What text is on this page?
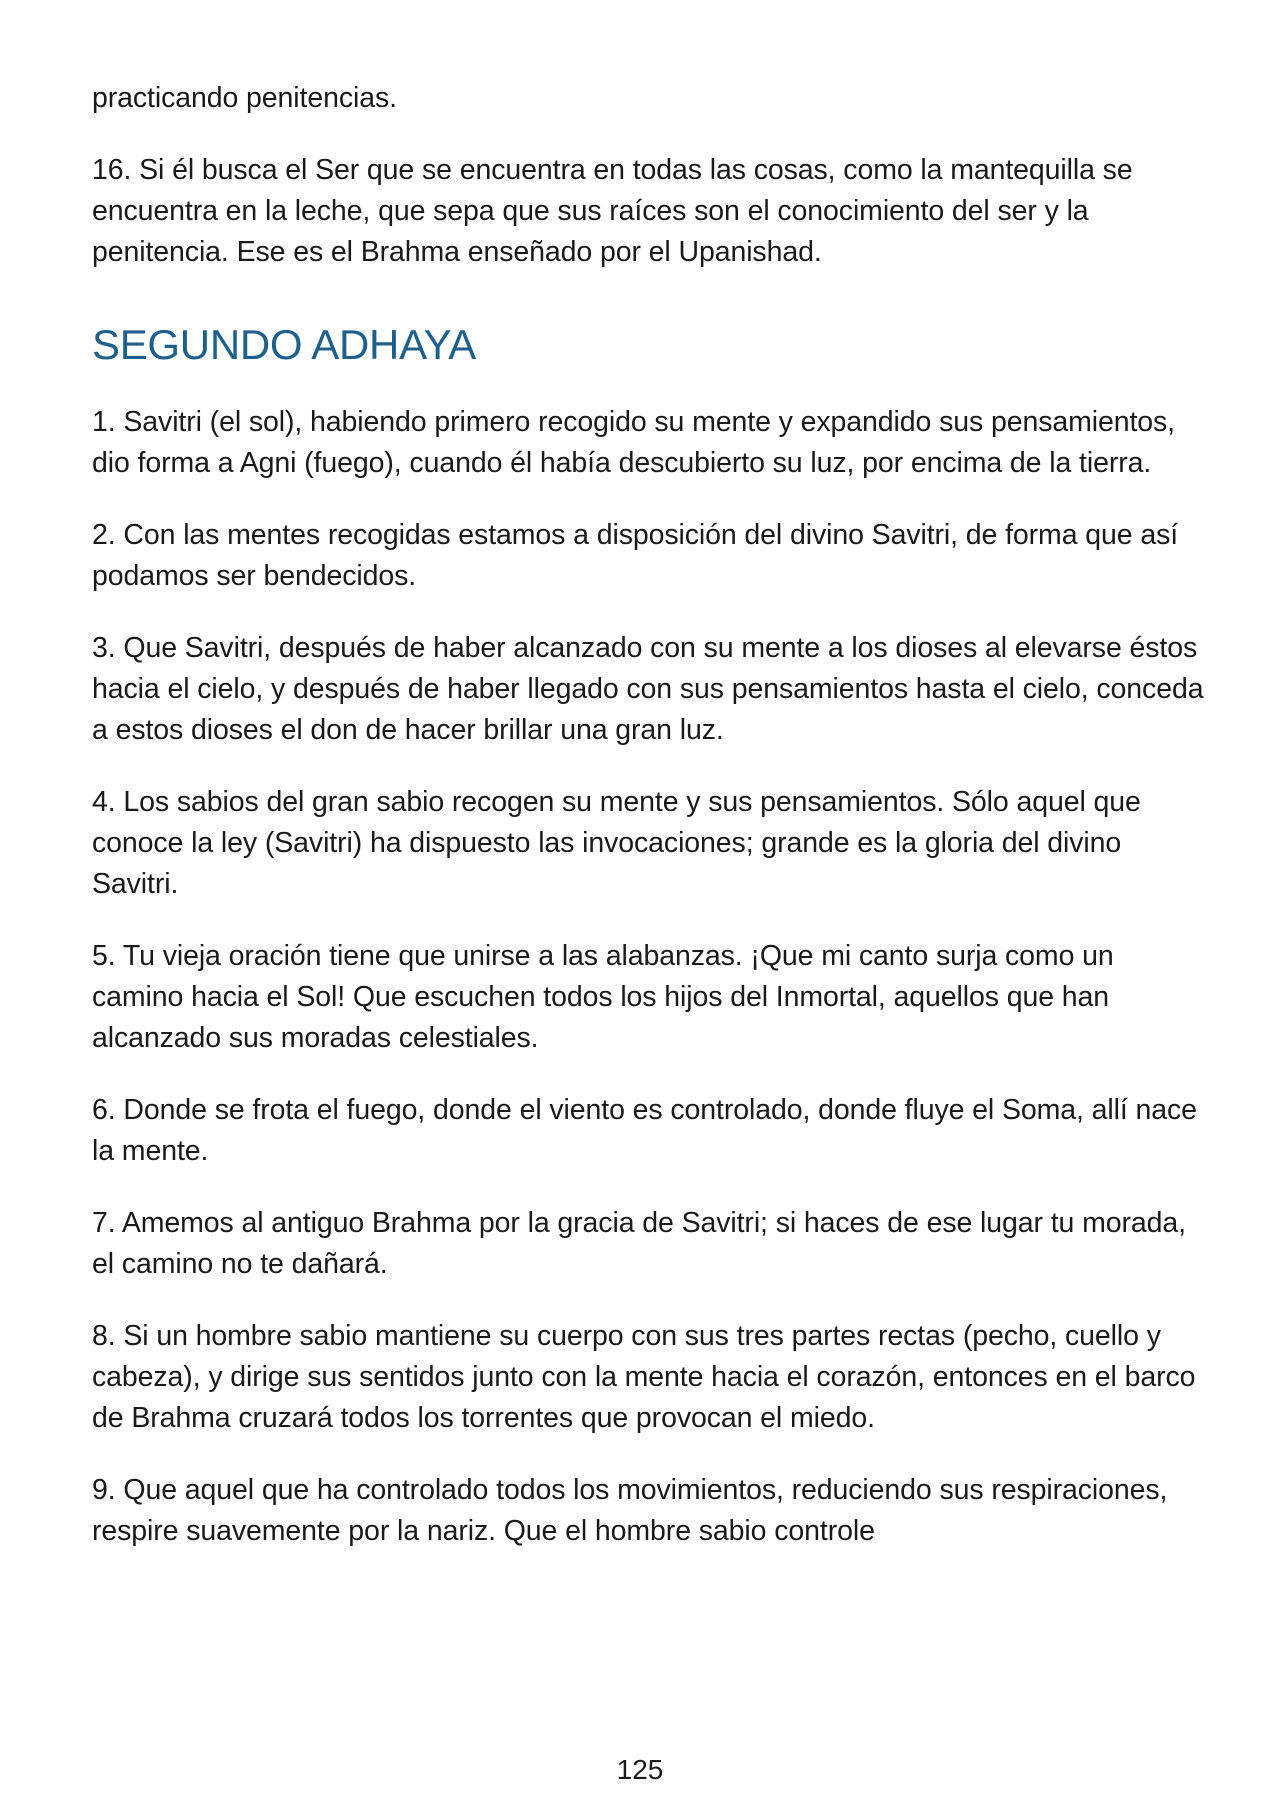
practicando penitencias.

16. Si él busca el Ser que se encuentra en todas las cosas, como la mantequilla se encuentra en la leche, que sepa que sus raíces son el conocimiento del ser y la penitencia. Ese es el Brahma enseñado por el Upanishad.

SEGUNDO ADHAYA

1. Savitri (el sol), habiendo primero recogido su mente y expandido sus pensamientos, dio forma a Agni (fuego), cuando él había descubierto su luz, por encima de la tierra.

2. Con las mentes recogidas estamos a disposición del divino Savitri, de forma que así podamos ser bendecidos.

3. Que Savitri, después de haber alcanzado con su mente a los dioses al elevarse éstos hacia el cielo, y después de haber llegado con sus pensamientos hasta el cielo, conceda a estos dioses el don de hacer brillar una gran luz.

4. Los sabios del gran sabio recogen su mente y sus pensamientos. Sólo aquel que conoce la ley (Savitri) ha dispuesto las invocaciones; grande es la gloria del divino Savitri.

5. Tu vieja oración tiene que unirse a las alabanzas. ¡Que mi canto surja como un camino hacia el Sol! Que escuchen todos los hijos del Inmortal, aquellos que han alcanzado sus moradas celestiales.

6. Donde se frota el fuego, donde el viento es controlado, donde fluye el Soma, allí nace la mente.

7. Amemos al antiguo Brahma por la gracia de Savitri; si haces de ese lugar tu morada, el camino no te dañará.

8. Si un hombre sabio mantiene su cuerpo con sus tres partes rectas (pecho, cuello y cabeza), y dirige sus sentidos junto con la mente hacia el corazón, entonces en el barco de Brahma cruzará todos los torrentes que provocan el miedo.

9. Que aquel que ha controlado todos los movimientos, reduciendo sus respiraciones, respire suavemente por la nariz. Que el hombre sabio controle

125
